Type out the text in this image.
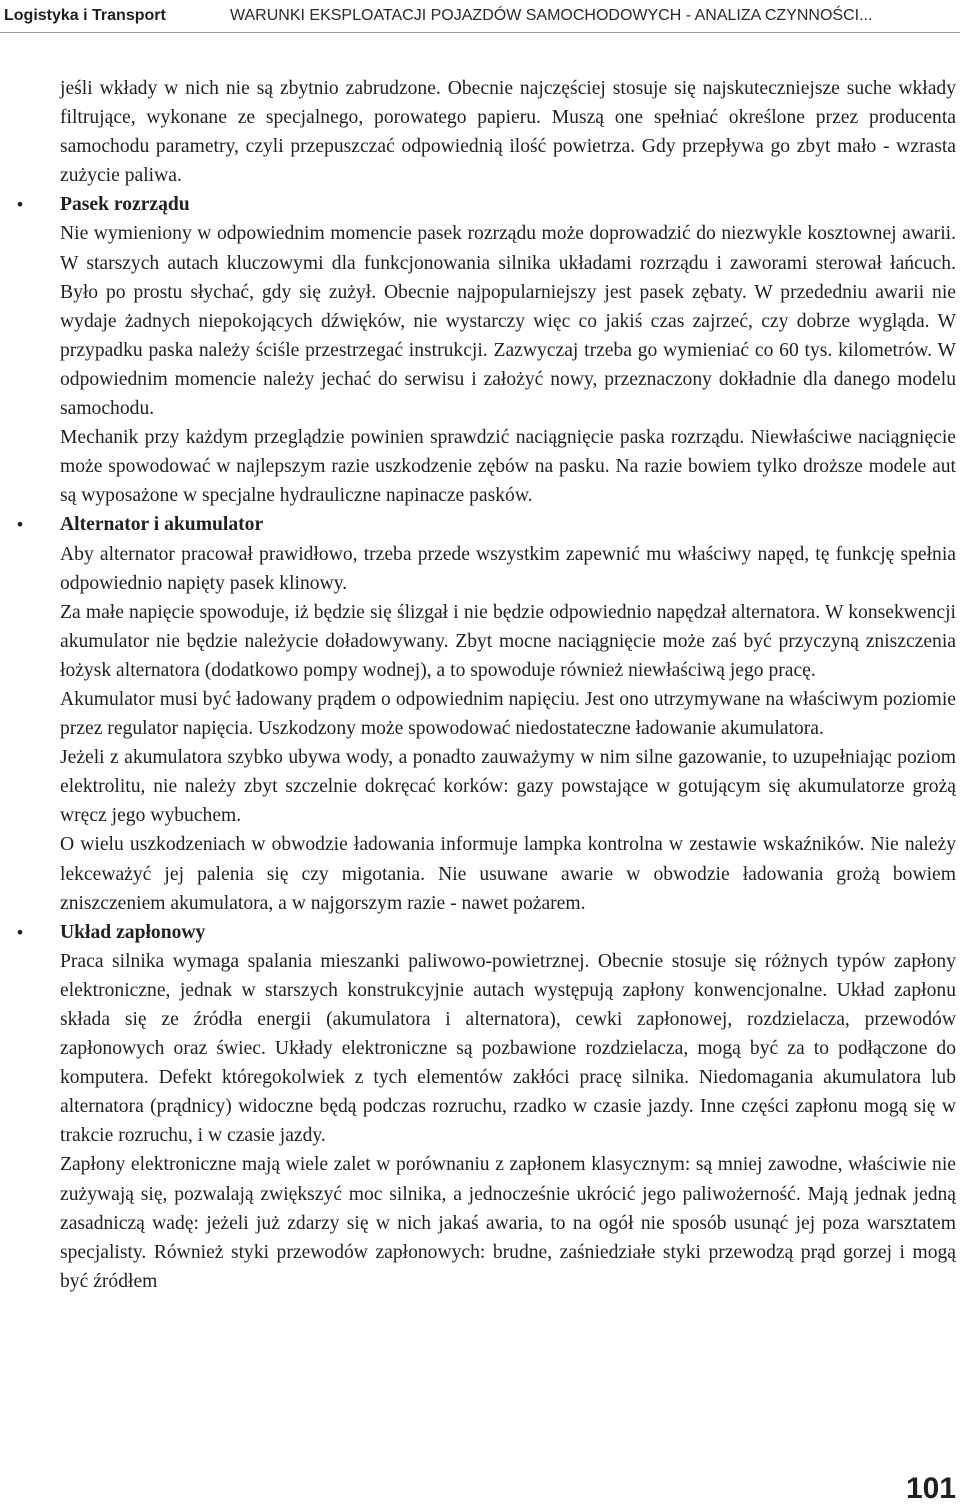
Logistyka i Transport	WARUNKI EKSPLOATACJI POJAZDÓW SAMOCHODOWYCH - ANALIZA CZYNNOŚCI...

jeśli wkłady w nich nie są zbytnio zabrudzone. Obecnie najczęściej stosuje się najskuteczniejsze suche wkłady filtrujące, wykonane ze specjalnego, porowatego papieru. Muszą one spełniać określone przez producenta samochodu parametry, czyli przepuszczać odpowiednią ilość powietrza. Gdy przepływa go zbyt mało - wzrasta zużycie paliwa.

• Pasek rozrządu

Nie wymieniony w odpowiednim momencie pasek rozrządu może doprowadzić do niezwykle kosztownej awarii. W starszych autach kluczowymi dla funkcjonowania silnika układami rozrządu i zaworami sterował łańcuch. Było po prostu słychać, gdy się zużył. Obecnie najpopularniejszy jest pasek zębaty. W przededniu awarii nie wydaje żadnych niepokojących dźwięków, nie wystarczy więc co jakiś czas zajrzeć, czy dobrze wygląda. W przypadku paska należy ściśle przestrzegać instrukcji. Zazwyczaj trzeba go wymieniać co 60 tys. kilometrów. W odpowiednim momencie należy jechać do serwisu i założyć nowy, przeznaczony dokładnie dla danego modelu samochodu.

Mechanik przy każdym przeglądzie powinien sprawdzić naciągnięcie paska rozrządu. Niewłaściwe naciągnięcie może spowodować w najlepszym razie uszkodzenie zębów na pasku. Na razie bowiem tylko droższe modele aut są wyposażone w specjalne hydrauliczne napinacze pasków.

• Alternator i akumulator

Aby alternator pracował prawidłowo, trzeba przede wszystkim zapewnić mu właściwy napęd, tę funkcję spełnia odpowiednio napięty pasek klinowy.

Za małe napięcie spowoduje, iż będzie się ślizgał i nie będzie odpowiednio napędzał alternatora. W konsekwencji akumulator nie będzie należycie doładowywany. Zbyt mocne naciągnięcie może zaś być przyczyną zniszczenia łożysk alternatora (dodatkowo pompy wodnej), a to spowoduje również niewłaściwą jego pracę.

Akumulator musi być ładowany prądem o odpowiednim napięciu. Jest ono utrzymywane na właściwym poziomie przez regulator napięcia. Uszkodzony może spowodować niedostateczne ładowanie akumulatora.

Jeżeli z akumulatora szybko ubywa wody, a ponadto zauważymy w nim silne gazowanie, to uzupełniając poziom elektrolitu, nie należy zbyt szczelnie dokręcać korków: gazy powstające w gotującym się akumulatorze grożą wręcz jego wybuchem.

O wielu uszkodzeniach w obwodzie ładowania informuje lampka kontrolna w zestawie wskaźników. Nie należy lekceważyć jej palenia się czy migotania. Nie usuwane awarie w obwodzie ładowania grożą bowiem zniszczeniem akumulatora, a w najgorszym razie - nawet pożarem.

• Układ zapłonowy

Praca silnika wymaga spalania mieszanki paliwowo-powietrznej. Obecnie stosuje się różnych typów zapłony elektroniczne, jednak w starszych konstrukcyjnie autach występują zapłony konwencjonalne. Układ zapłonu składa się ze źródła energii (akumulatora i alternatora), cewki zapłonowej, rozdzielacza, przewodów zapłonowych oraz świec. Układy elektroniczne są pozbawione rozdzielacza, mogą być za to podłączone do komputera. Defekt któregokolwiek z tych elementów zakłóci pracę silnika. Niedomagania akumulatora lub alternatora (prądnicy) widoczne będą podczas rozruchu, rzadko w czasie jazdy. Inne części zapłonu mogą się w trakcie rozruchu, i w czasie jazdy.

Zapłony elektroniczne mają wiele zalet w porównaniu z zapłonem klasycznym: są mniej zawodne, właściwie nie zużywają się, pozwalają zwiększyć moc silnika, a jednocześnie ukrócić jego paliwożerność. Mają jednak jedną zasadniczą wadę: jeżeli już zdarzy się w nich jakaś awaria, to na ogół nie sposób usunąć jej poza warsztatem specjalisty. Również styki przewodów zapłonowych: brudne, zaśniedziałe styki przewodzą prąd gorzej i mogą być źródłem

101
